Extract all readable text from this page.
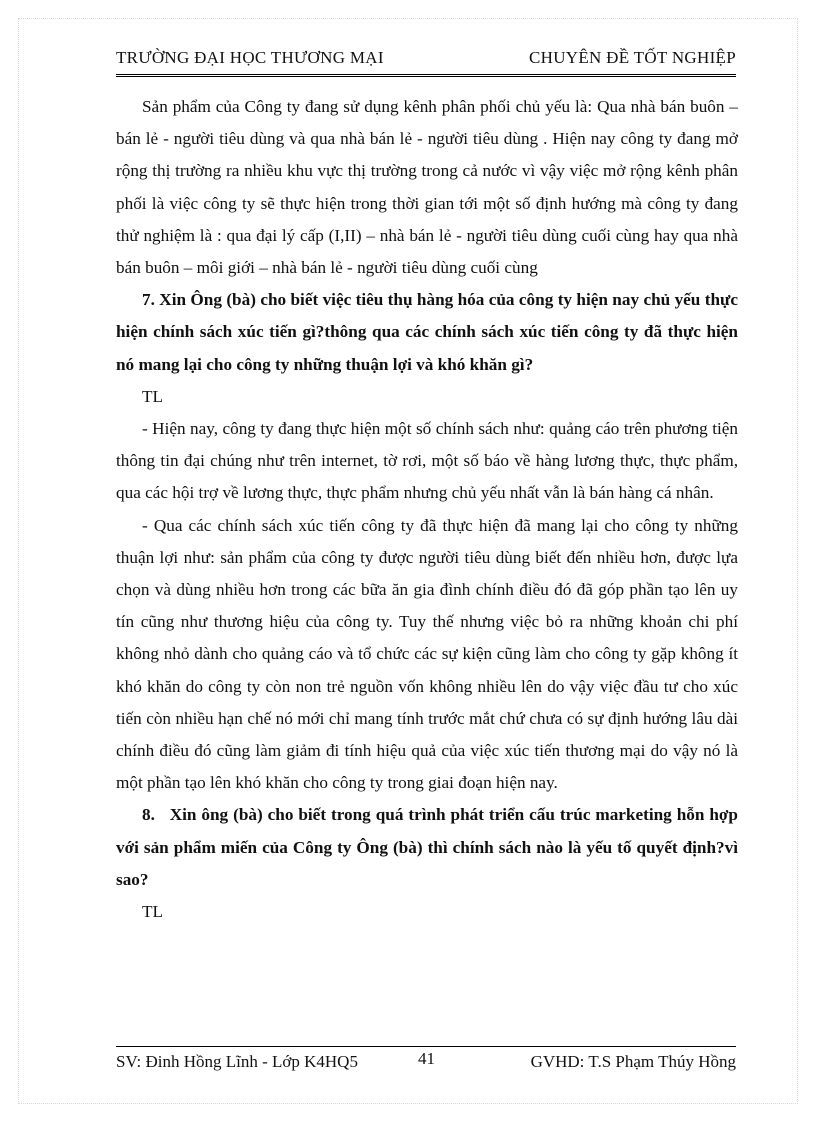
TRƯỜNG ĐẠI HỌC THƯƠNG MẠI	CHUYÊN ĐỀ TỐT NGHIỆP

Sản phẩm của Công ty đang sử dụng kênh phân phối chủ yếu là: Qua nhà bán buôn – bán lẻ - người tiêu dùng và qua nhà bán lẻ - người tiêu dùng . Hiện nay công ty đang mở rộng thị trường ra nhiều khu vực thị trường trong cả nước vì vậy việc mở rộng kênh phân phối là việc công ty sẽ thực hiện trong thời gian tới một số định hướng mà công ty đang thử nghiệm là : qua đại lý cấp (I,II) – nhà bán lẻ - người tiêu dùng cuối cùng hay qua nhà bán buôn – môi giới – nhà bán lẻ - người tiêu dùng cuối cùng

7. Xin Ông (bà) cho biết việc tiêu thụ hàng hóa của công ty hiện nay chủ yếu thực hiện chính sách xúc tiến gì?thông qua các chính sách xúc tiến công ty đã thực hiện nó mang lại cho công ty những thuận lợi và khó khăn gì?

TL

- Hiện nay, công ty đang thực hiện một số chính sách như: quảng cáo trên phương tiện thông tin đại chúng như trên internet, tờ rơi, một số báo về hàng lương thực, thực phẩm, qua các hội trợ về lương thực, thực phẩm nhưng chủ yếu nhất vẫn là bán hàng cá nhân.

- Qua các chính sách xúc tiến công ty đã thực hiện đã mang lại cho công ty những thuận lợi như: sản phẩm của công ty được người tiêu dùng biết đến nhiều hơn, được lựa chọn và dùng nhiều hơn trong các bữa ăn gia đình chính điều đó đã góp phần tạo lên uy tín cũng như thương hiệu của công ty. Tuy thế nhưng việc bỏ ra những khoản chi phí không nhỏ dành cho quảng cáo và tổ chức các sự kiện cũng làm cho công ty gặp không ít khó khăn do công ty còn non trẻ nguồn vốn không nhiều lên do vậy việc đầu tư cho xúc tiến còn nhiều hạn chế nó mới chỉ mang tính trước mắt chứ chưa có sự định hướng lâu dài chính điều đó cũng làm giảm đi tính hiệu quả của việc xúc tiến thương mại do vậy nó là một phần tạo lên khó khăn cho công ty trong giai đoạn hiện nay.

8.   Xin ông (bà) cho biết trong quá trình phát triển cấu trúc marketing hỗn hợp với sản phẩm miến của Công ty Ông (bà) thì chính sách nào là yếu tố quyết định?vì sao?

TL

SV: Đinh Hồng Lĩnh - Lớp K4HQ5	41	GVHD: T.S Phạm Thúy Hồng
